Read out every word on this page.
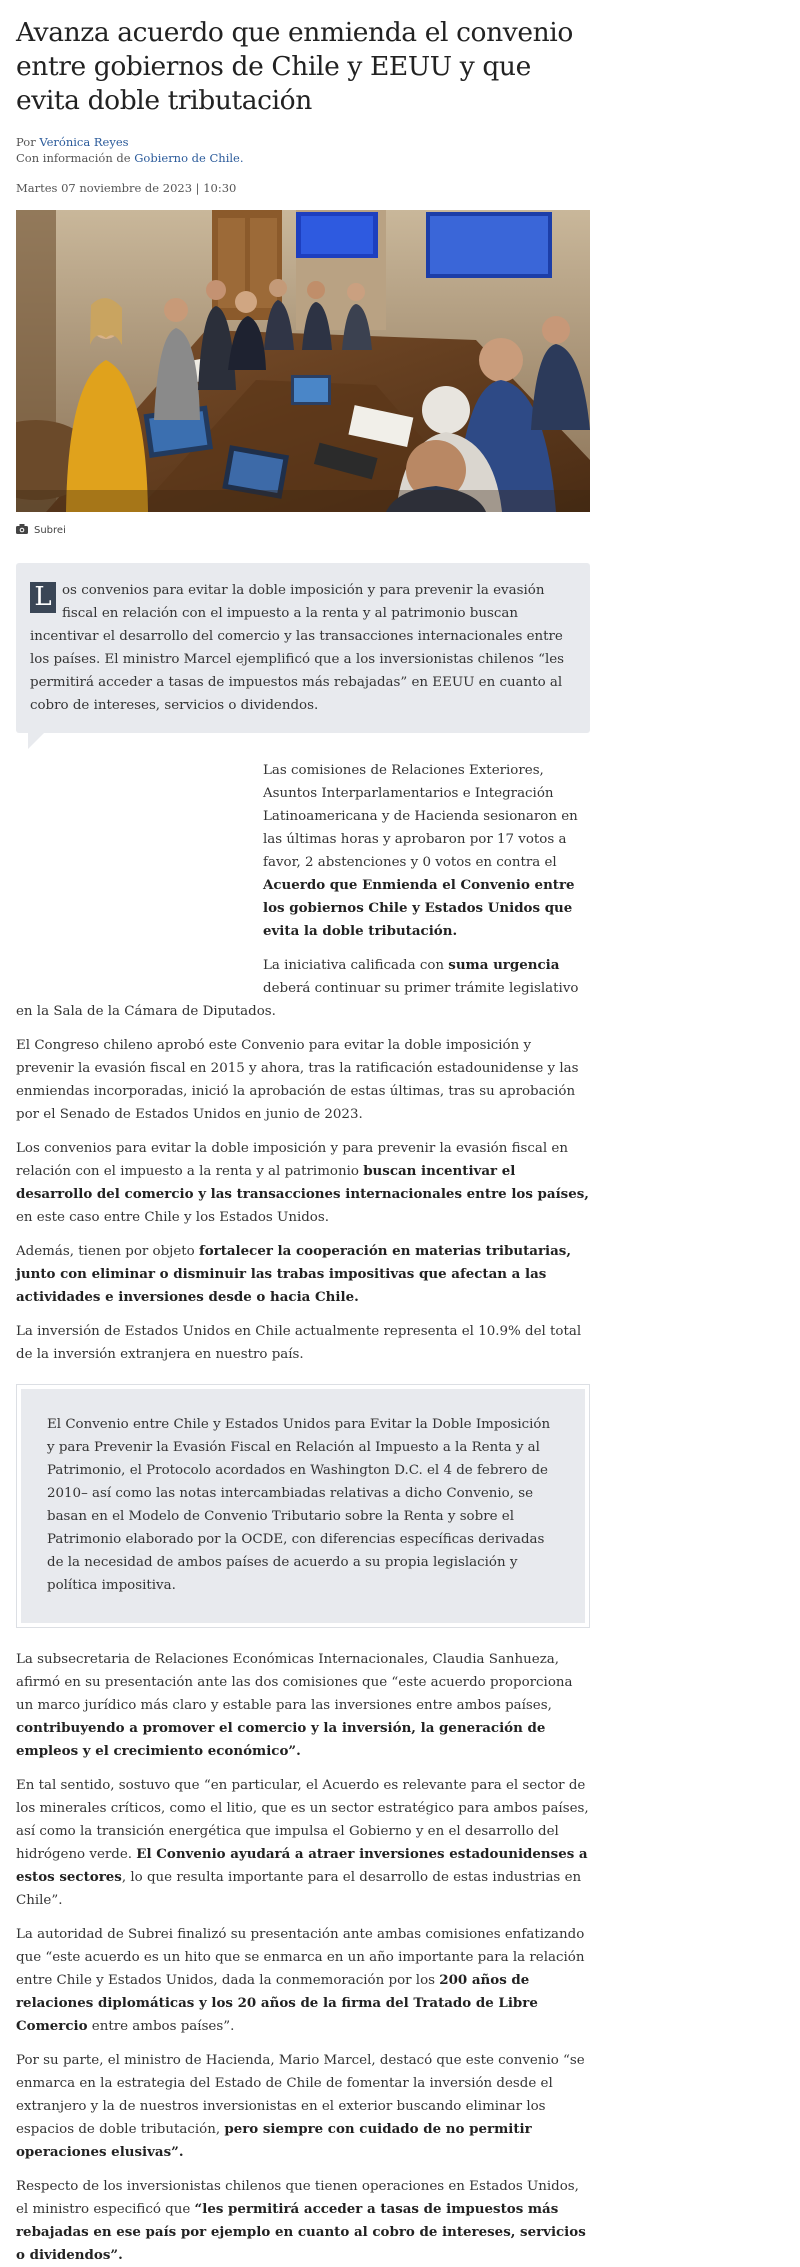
Avanza acuerdo que enmienda el convenio entre gobiernos de Chile y EEUU y que evita doble tributación
Por Verónica Reyes
Con información de Gobierno de Chile.
Martes 07 noviembre de 2023 | 10:30
Subrei
L os convenios para evitar la doble imposición y para prevenir la evasión fiscal en relación con el impuesto a la renta y al patrimonio buscan incentivar el desarrollo del comercio y las transacciones internacionales entre los países. El ministro Marcel ejemplificó que a los inversionistas chilenos “les permitirá acceder a tasas de impuestos más rebajadas” en EEUU en cuanto al cobro de intereses, servicios o dividendos.

Las comisiones de Relaciones Exteriores, Asuntos Interparlamentarios e Integración Latinoamericana y de Hacienda sesionaron en las últimas horas y aprobaron por 17 votos a favor, 2 abstenciones y 0 votos en contra el Acuerdo que Enmienda el Convenio entre los gobiernos Chile y Estados Unidos que evita la doble tributación.

La iniciativa calificada con suma urgencia deberá continuar su primer trámite legislativo en la Sala de la Cámara de Diputados.

El Congreso chileno aprobó este Convenio para evitar la doble imposición y prevenir la evasión fiscal en 2015 y ahora, tras la ratificación estadounidense y las enmiendas incorporadas, inició la aprobación de estas últimas, tras su aprobación por el Senado de Estados Unidos en junio de 2023.

Los convenios para evitar la doble imposición y para prevenir la evasión fiscal en relación con el impuesto a la renta y al patrimonio buscan incentivar el desarrollo del comercio y las transacciones internacionales entre los países, en este caso entre Chile y los Estados Unidos.

Además, tienen por objeto fortalecer la cooperación en materias tributarias, junto con eliminar o disminuir las trabas impositivas que afectan a las actividades e inversiones desde o hacia Chile.

La inversión de Estados Unidos en Chile actualmente representa el 10.9% del total de la inversión extranjera en nuestro país.

El Convenio entre Chile y Estados Unidos para Evitar la Doble Imposición y para Prevenir la Evasión Fiscal en Relación al Impuesto a la Renta y al Patrimonio, el Protocolo acordados en Washington D.C. el 4 de febrero de 2010– así como las notas intercambiadas relativas a dicho Convenio, se basan en el Modelo de Convenio Tributario sobre la Renta y sobre el Patrimonio elaborado por la OCDE, con diferencias específicas derivadas de la necesidad de ambos países de acuerdo a su propia legislación y política impositiva.

La subsecretaria de Relaciones Económicas Internacionales, Claudia Sanhueza, afirmó en su presentación ante las dos comisiones que “este acuerdo proporciona un marco jurídico más claro y estable para las inversiones entre ambos países, contribuyendo a promover el comercio y la inversión, la generación de empleos y el crecimiento económico”.

En tal sentido, sostuvo que “en particular, el Acuerdo es relevante para el sector de los minerales críticos, como el litio, que es un sector estratégico para ambos países, así como la transición energética que impulsa el Gobierno y en el desarrollo del hidrógeno verde. El Convenio ayudará a atraer inversiones estadounidenses a estos sectores, lo que resulta importante para el desarrollo de estas industrias en Chile”.

La autoridad de Subrei finalizó su presentación ante ambas comisiones enfatizando que “este acuerdo es un hito que se enmarca en un año importante para la relación entre Chile y Estados Unidos, dada la conmemoración por los 200 años de relaciones diplomáticas y los 20 años de la firma del Tratado de Libre Comercio entre ambos países”.

Por su parte, el ministro de Hacienda, Mario Marcel, destacó que este convenio “se enmarca en la estrategia del Estado de Chile de fomentar la inversión desde el extranjero y la de nuestros inversionistas en el exterior buscando eliminar los espacios de doble tributación, pero siempre con cuidado de no permitir operaciones elusivas”.

Respecto de los inversionistas chilenos que tienen operaciones en Estados Unidos, el ministro especificó que “les permitirá acceder a tasas de impuestos más rebajadas en ese país por ejemplo en cuanto al cobro de intereses, servicios o dividendos”.
